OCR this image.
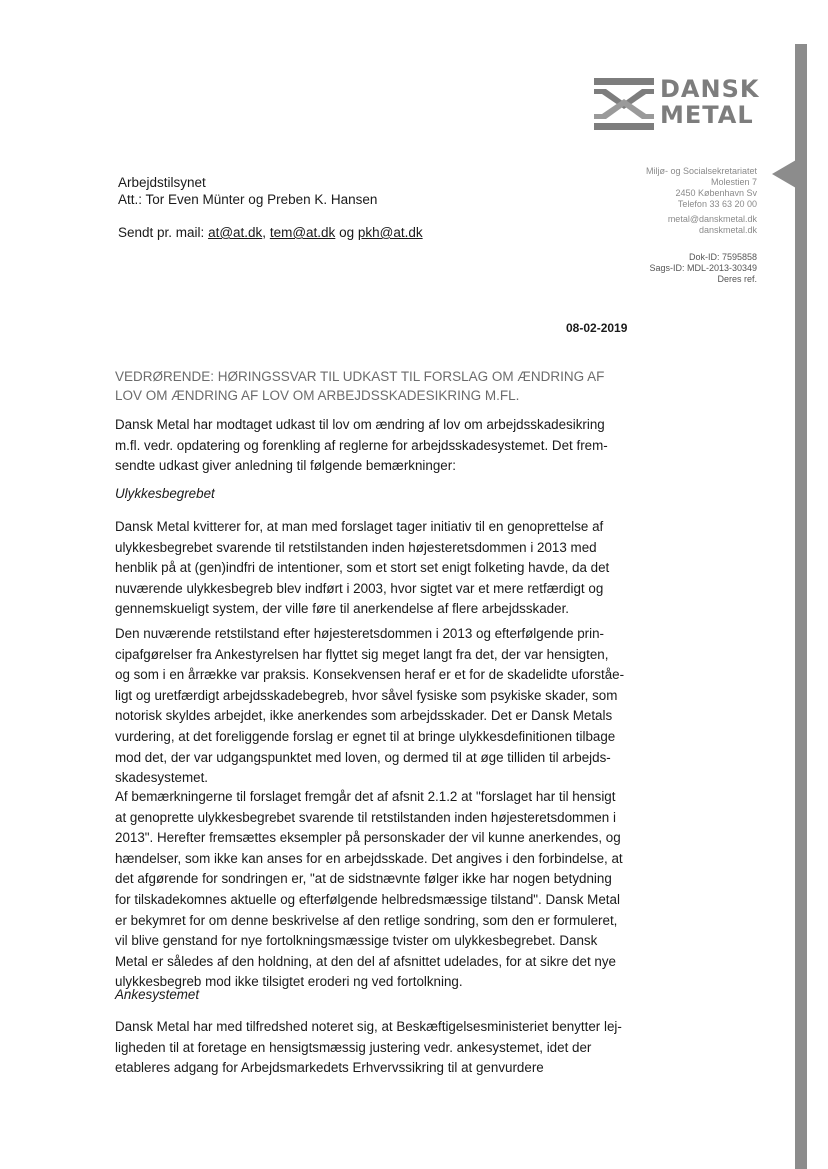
DANSK
METAL
Arbejdstilsynet
Att.: Tor Even Münter og Preben K. Hansen
Sendt pr. mail: at@at.dk, tem@at.dk og pkh@at.dk
Miljø- og Socialsekretariatet
Molestien 7
2450 København Sv
Telefon 33 63 20 00
metal@danskmetal.dk
danskmetal.dk
Dok-ID: 7595858
Sags-ID: MDL-2013-30349
Deres ref.
08-02-2019
VEDRØRENDE: HØRINGSSVAR TIL UDKAST TIL FORSLAG OM ÆNDRING AF LOV OM ÆNDRING AF LOV OM ARBEJDSSKADESIKRING M.FL.
Dansk Metal har modtaget udkast til lov om ændring af lov om arbejdsskadesikring
m.fl. vedr. opdatering og forenkling af reglerne for arbejdsskadesystemet. Det frem-
sendte udkast giver anledning til følgende bemærkninger:
Ulykkesbegrebet
Dansk Metal kvitterer for, at man med forslaget tager initiativ til en genoprettelse af
ulykkesbegrebet svarende til retstilstanden inden højesteretsdommen i 2013 med
henblik på at (gen)indfri de intentioner, som et stort set enigt folketing havde, da det
nuværende ulykkesbegreb blev indført i 2003, hvor sigtet var et mere retfærdigt og
gennemskueligt system, der ville føre til anerkendelse af flere arbejdsskader.
Den nuværende retstilstand efter højesteretsdommen i 2013 og efterfølgende prin-
cipafgørelser fra Ankestyrelsen har flyttet sig meget langt fra det, der var hensigten,
og som i en årrække var praksis. Konsekvensen heraf er et for de skadelidte uforståe-
ligt og uretfærdigt arbejdsskadebegreb, hvor såvel fysiske som psykiske skader, som
notorisk skyldes arbejdet, ikke anerkendes som arbejdsskader. Det er Dansk Metals
vurdering, at det foreliggende forslag er egnet til at bringe ulykkesdefinitionen tilbage
mod det, der var udgangspunktet med loven, og dermed til at øge tilliden til arbejds-
skadesystemet.
Af bemærkningerne til forslaget fremgår det af afsnit 2.1.2 at "forslaget har til hensigt
at genoprette ulykkesbegrebet svarende til retstilstanden inden højesteretsdommen i
2013". Herefter fremsættes eksempler på personskader der vil kunne anerkendes, og
hændelser, som ikke kan anses for en arbejdsskade. Det angives i den forbindelse, at
det afgørende for sondringen er, "at de sidstnævnte følger ikke har nogen betydning
for tilskadekomnes aktuelle og efterfølgende helbredsmæssige tilstand". Dansk Metal
er bekymret for om denne beskrivelse af den retlige sondring, som den er formuleret,
vil blive genstand for nye fortolkningsmæssige tvister om ulykkesbegrebet. Dansk
Metal er således af den holdning, at den del af afsnittet udelades, for at sikre det nye
ulykkesbegreb mod ikke tilsigtet eroderi ng ved fortolkning.
Ankesystemet
Dansk Metal har med tilfredshed noteret sig, at Beskæftigelsesministeriet benytter lej-
ligheden til at foretage en hensigtsmæssig justering vedr. ankesystemet, idet der
etableres adgang for Arbejdsmarkedets Erhvervssikring til at genvurdere
